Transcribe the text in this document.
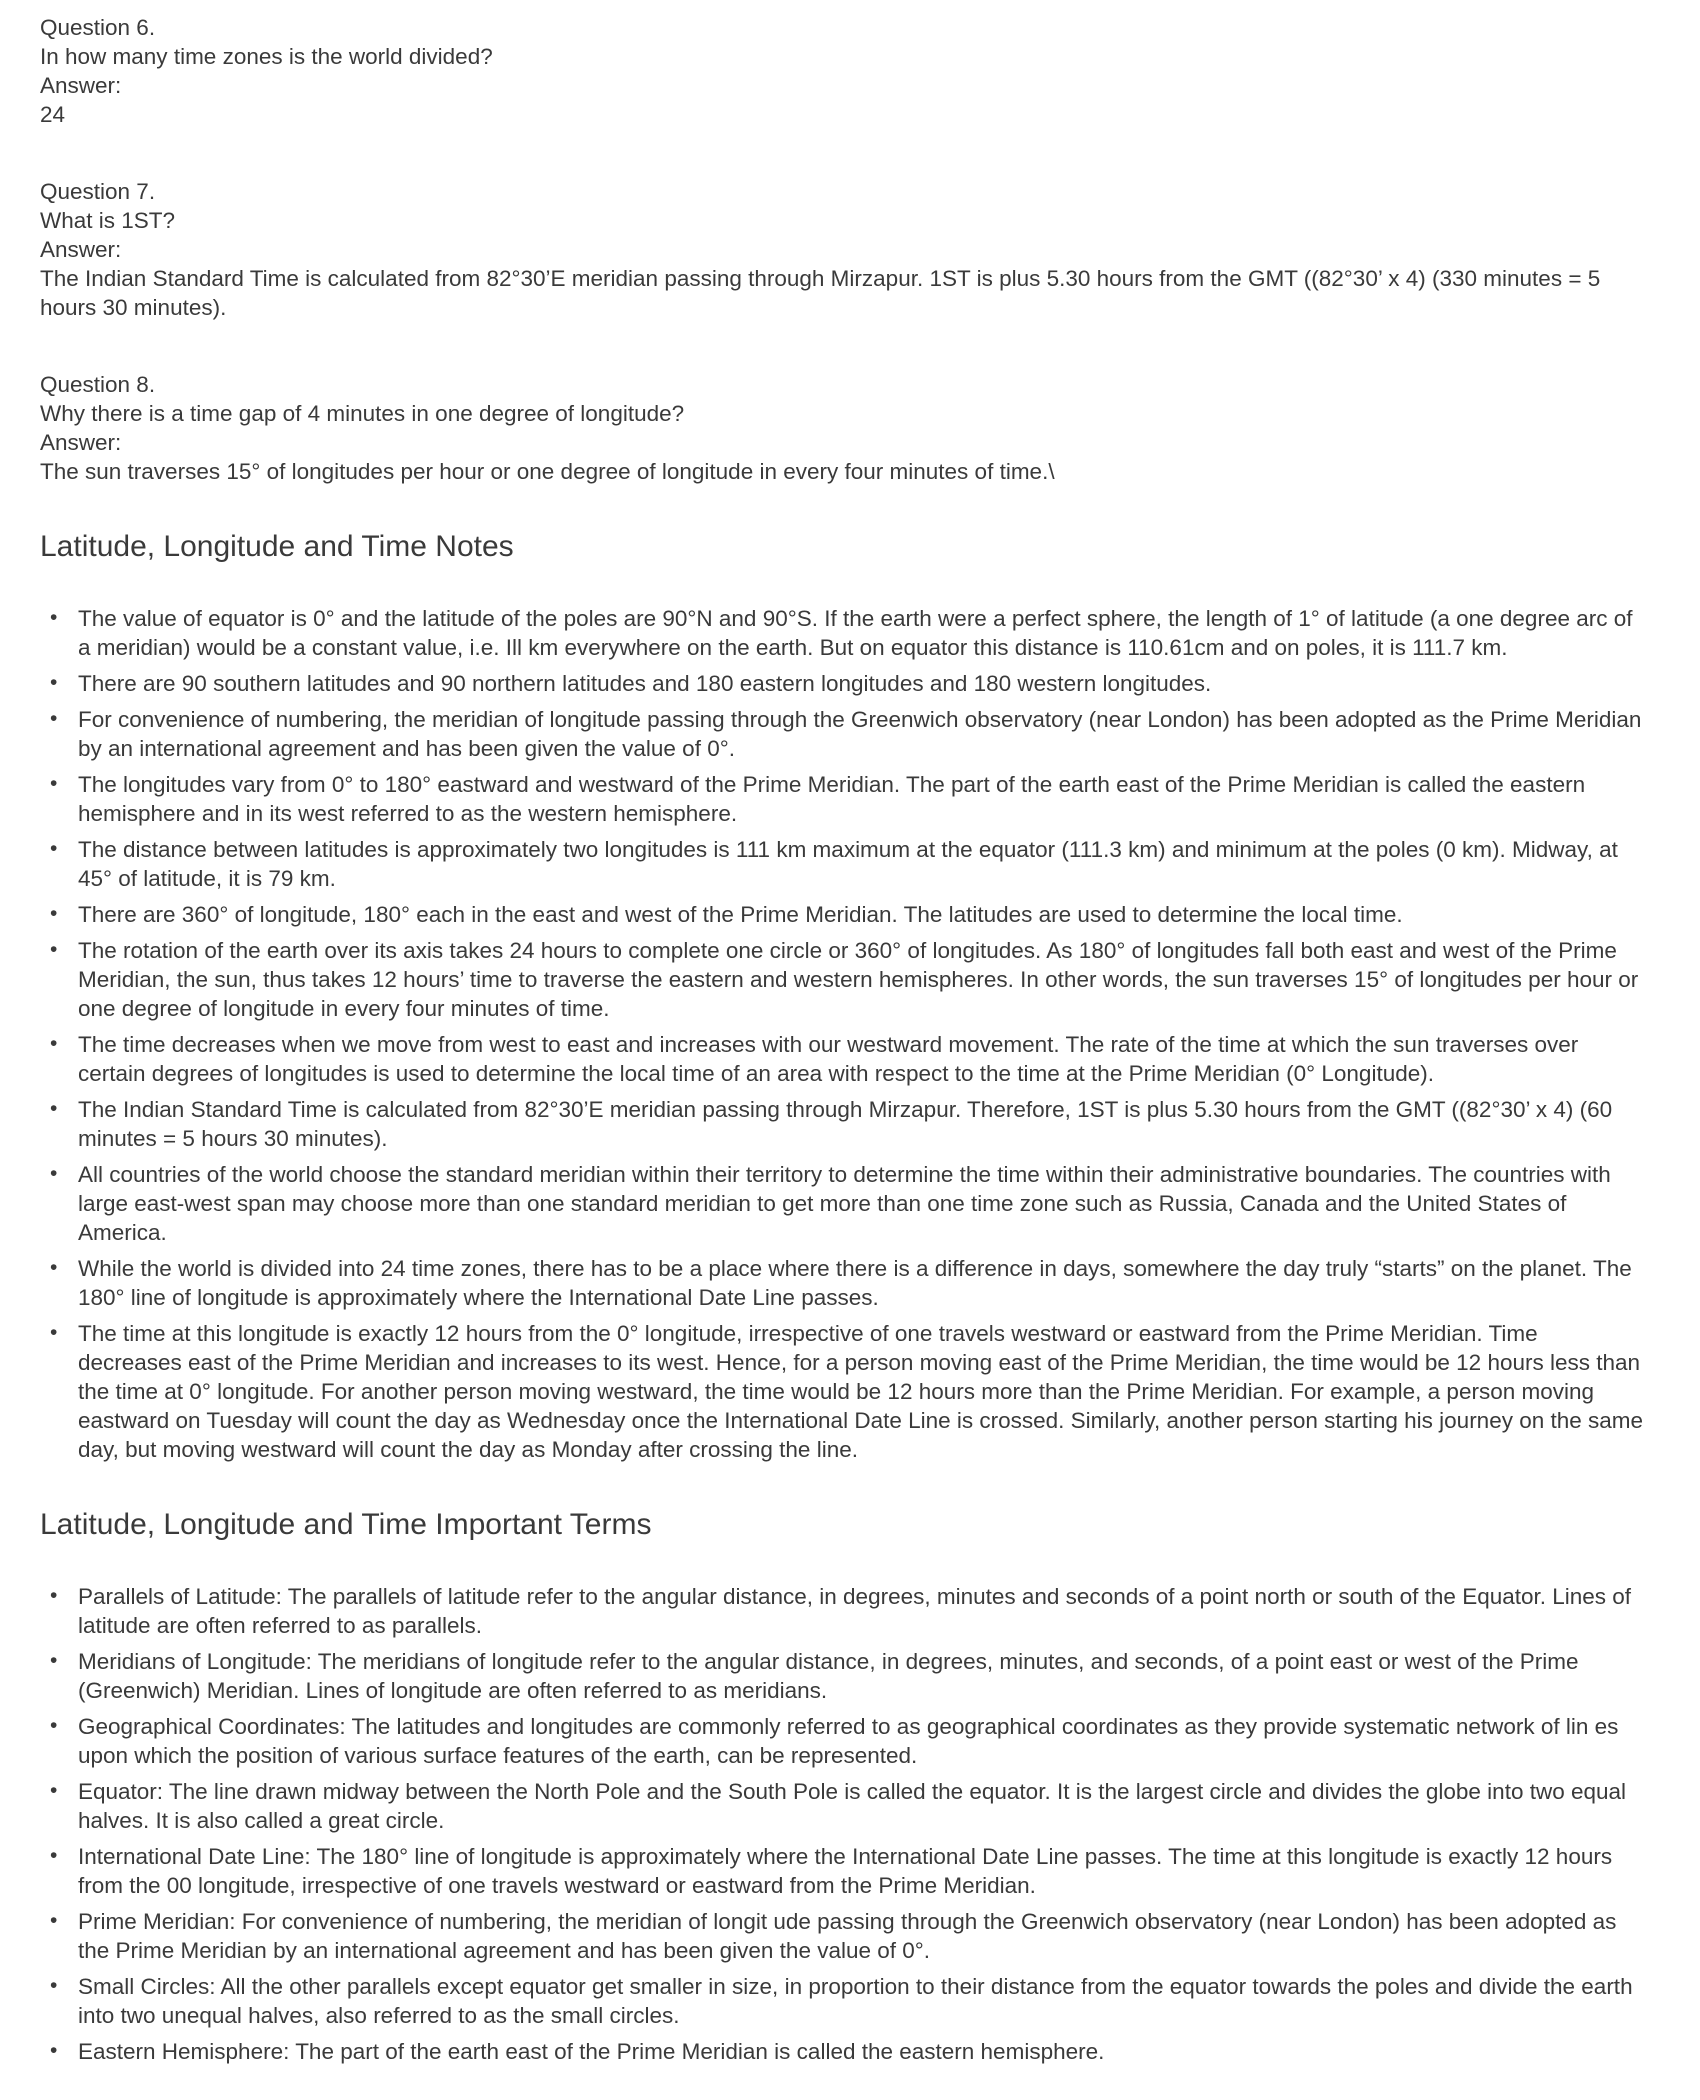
Question 6.

In how many time zones is the world divided?

Answer:

24

Question 7.

What is 1ST?

Answer:

The Indian Standard Time is calculated from 82°30’E meridian passing through Mirzapur. 1ST is plus 5.30 hours from the GMT ((82°30’ x 4) (330 minutes = 5 hours 30 minutes).

Question 8.

Why there is a time gap of 4 minutes in one degree of longitude?

Answer:

The sun traverses 15° of longitudes per hour or one degree of longitude in every four minutes of time.\

Latitude, Longitude and Time Notes
• The value of equator is 0° and the latitude of the poles are 90°N and 90°S. If the earth were a perfect sphere, the length of 1° of latitude (a one degree arc of a meridian) would be a constant value, i.e. Ill km everywhere on the earth. But on equator this distance is 110.61cm and on poles, it is 111.7 km.
• There are 90 southern latitudes and 90 northern latitudes and 180 eastern longitudes and 180 western longitudes.
• For convenience of numbering, the meridian of longitude passing through the Greenwich observatory (near London) has been adopted as the Prime Meridian by an international agreement and has been given the value of 0°.
• The longitudes vary from 0° to 180° eastward and westward of the Prime Meridian. The part of the earth east of the Prime Meridian is called the eastern hemisphere and in its west referred to as the western hemisphere.
• The distance between latitudes is approximately two longitudes is 111 km maximum at the equator (111.3 km) and minimum at the poles (0 km). Midway, at 45° of latitude, it is 79 km.
• There are 360° of longitude, 180° each in the east and west of the Prime Meridian. The latitudes are used to determine the local time.
• The rotation of the earth over its axis takes 24 hours to complete one circle or 360° of longitudes. As 180° of longitudes fall both east and west of the Prime Meridian, the sun, thus takes 12 hours’ time to traverse the eastern and western hemispheres. In other words, the sun traverses 15° of longitudes per hour or one degree of longitude in every four minutes of time.
• The time decreases when we move from west to east and increases with our westward movement. The rate of the time at which the sun traverses over certain degrees of longitudes is used to determine the local time of an area with respect to the time at the Prime Meridian (0° Longitude).
• The Indian Standard Time is calculated from 82°30’E meridian passing through Mirzapur. Therefore, 1ST is plus 5.30 hours from the GMT ((82°30’ x 4) (60 minutes = 5 hours 30 minutes).
• All countries of the world choose the standard meridian within their territory to determine the time within their administrative boundaries. The countries with large east-west span may choose more than one standard meridian to get more than one time zone such as Russia, Canada and the United States of America.
• While the world is divided into 24 time zones, there has to be a place where there is a difference in days, somewhere the day truly “starts” on the planet. The 180° line of longitude is approximately where the International Date Line passes.
• The time at this longitude is exactly 12 hours from the 0° longitude, irrespective of one travels westward or eastward from the Prime Meridian. Time decreases east of the Prime Meridian and increases to its west. Hence, for a person moving east of the Prime Meridian, the time would be 12 hours less than the time at 0° longitude. For another person moving westward, the time would be 12 hours more than the Prime Meridian. For example, a person moving eastward on Tuesday will count the day as Wednesday once the International Date Line is crossed. Similarly, another person starting his journey on the same day, but moving westward will count the day as Monday after crossing the line.
Latitude, Longitude and Time Important Terms
• Parallels of Latitude: The parallels of latitude refer to the angular distance, in degrees, minutes and seconds of a point north or south of the Equator. Lines of latitude are often referred to as parallels.
• Meridians of Longitude: The meridians of longitude refer to the angular distance, in degrees, minutes, and seconds, of a point east or west of the Prime (Greenwich) Meridian. Lines of longitude are often referred to as meridians.
• Geographical Coordinates: The latitudes and longitudes are commonly referred to as geographical coordinates as they provide systematic network of lin es upon which the position of various surface features of the earth, can be represented.
• Equator: The line drawn midway between the North Pole and the South Pole is called the equator. It is the largest circle and divides the globe into two equal halves. It is also called a great circle.
• International Date Line: The 180° line of longitude is approximately where the International Date Line passes. The time at this longitude is exactly 12 hours from the 00 longitude, irrespective of one travels westward or eastward from the Prime Meridian.
• Prime Meridian: For convenience of numbering, the meridian of longit ude passing through the Greenwich observatory (near London) has been adopted as the Prime Meridian by an international agreement and has been given the value of 0°.
• Small Circles: All the other parallels except equator get smaller in size, in proportion to their distance from the equator towards the poles and divide the earth into two unequal halves, also referred to as the small circles.
• Eastern Hemisphere: The part of the earth east of the Prime Meridian is called the eastern hemisphere.
